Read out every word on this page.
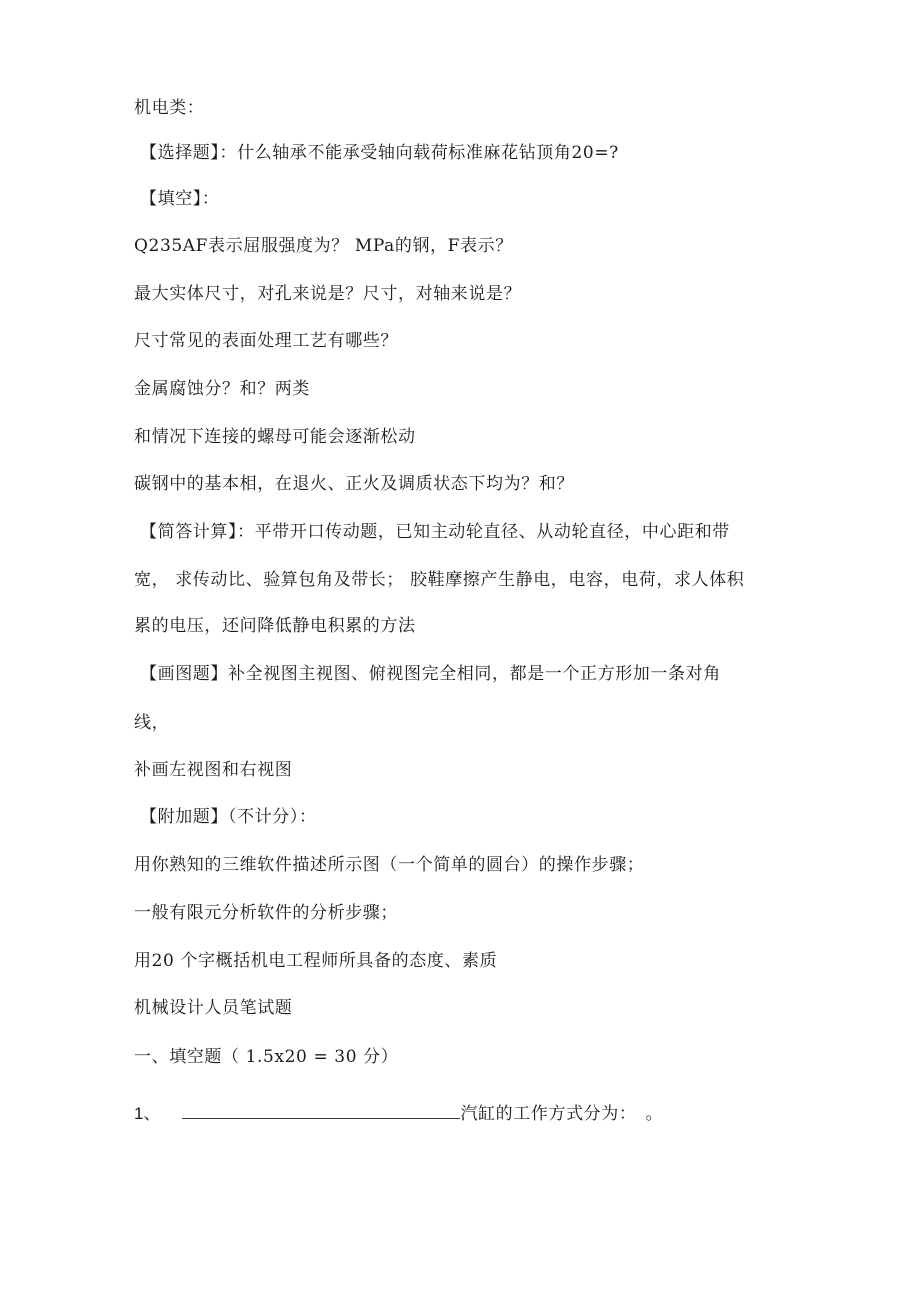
机电类：
【选择题】：什么轴承不能承受轴向载荷标准麻花钻顶角20=?
【填空】：
Q235AF表示屈服强度为？ MPa的钢，F表示？
最大实体尺寸，对孔来说是？尺寸，对轴来说是？
尺寸常见的表面处理工艺有哪些？
金属腐蚀分？和？两类
和情况下连接的螺母可能会逐渐松动
碳钢中的基本相，在退火、正火及调质状态下均为？和？
【简答计算】：平带开口传动题，已知主动轮直径、从动轮直径，中心距和带
宽， 求传动比、验算包角及带长； 胶鞋摩擦产生静电，电容，电荷，求人体积
累的电压，还问降低静电积累的方法
【画图题】补全视图主视图、俯视图完全相同，都是一个正方形加一条对角
线，
补画左视图和右视图
【附加题】（不计分）：
用你熟知的三维软件描述所示图（一个简单的圆台）的操作步骤；
一般有限元分析软件的分析步骤；
用20 个字概括机电工程师所具备的态度、素质
机械设计人员笔试题
一、填空题（ 1.5x20 = 30 分）
1、	汽缸的工作方式分为：　。
